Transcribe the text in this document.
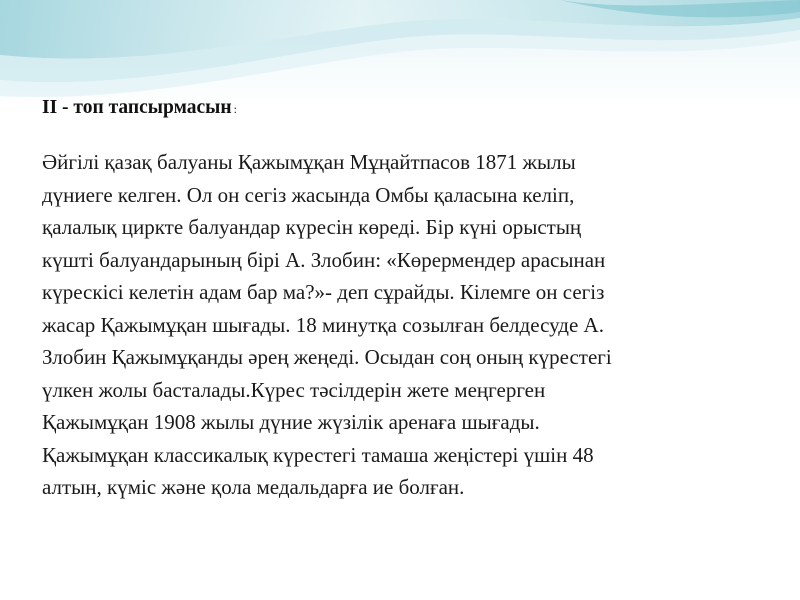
II - топ тапсырмасын :

Әйгілі қазақ балуаны Қажымұқан Мұңайтпасов 1871 жылы
дүниеге келген. Ол он сегіз жасында Омбы қаласына келіп,
қалалық циркте балуандар күресін көреді. Бір күні орыстың
күшті балуандарының бірі А. Злобин: «Көрермендер арасынан
күрескісі келетін адам бар ма?»- деп сұрайды. Кілемге он сегіз
жасар Қажымұқан шығады. 18 минутқа созылған белдесуде А.
Злобин Қажымұқанды әрең жеңеді. Осыдан соң оның күрестегі
үлкен жолы басталады.Күрес тәсілдерін жете меңгерген
Қажымұқан 1908 жылы дүние жүзілік аренаға шығады.
Қажымұқан классикалық күрестегі тамаша жеңістері үшін 48
алтын, күміс және қола медальдарға ие болған.
